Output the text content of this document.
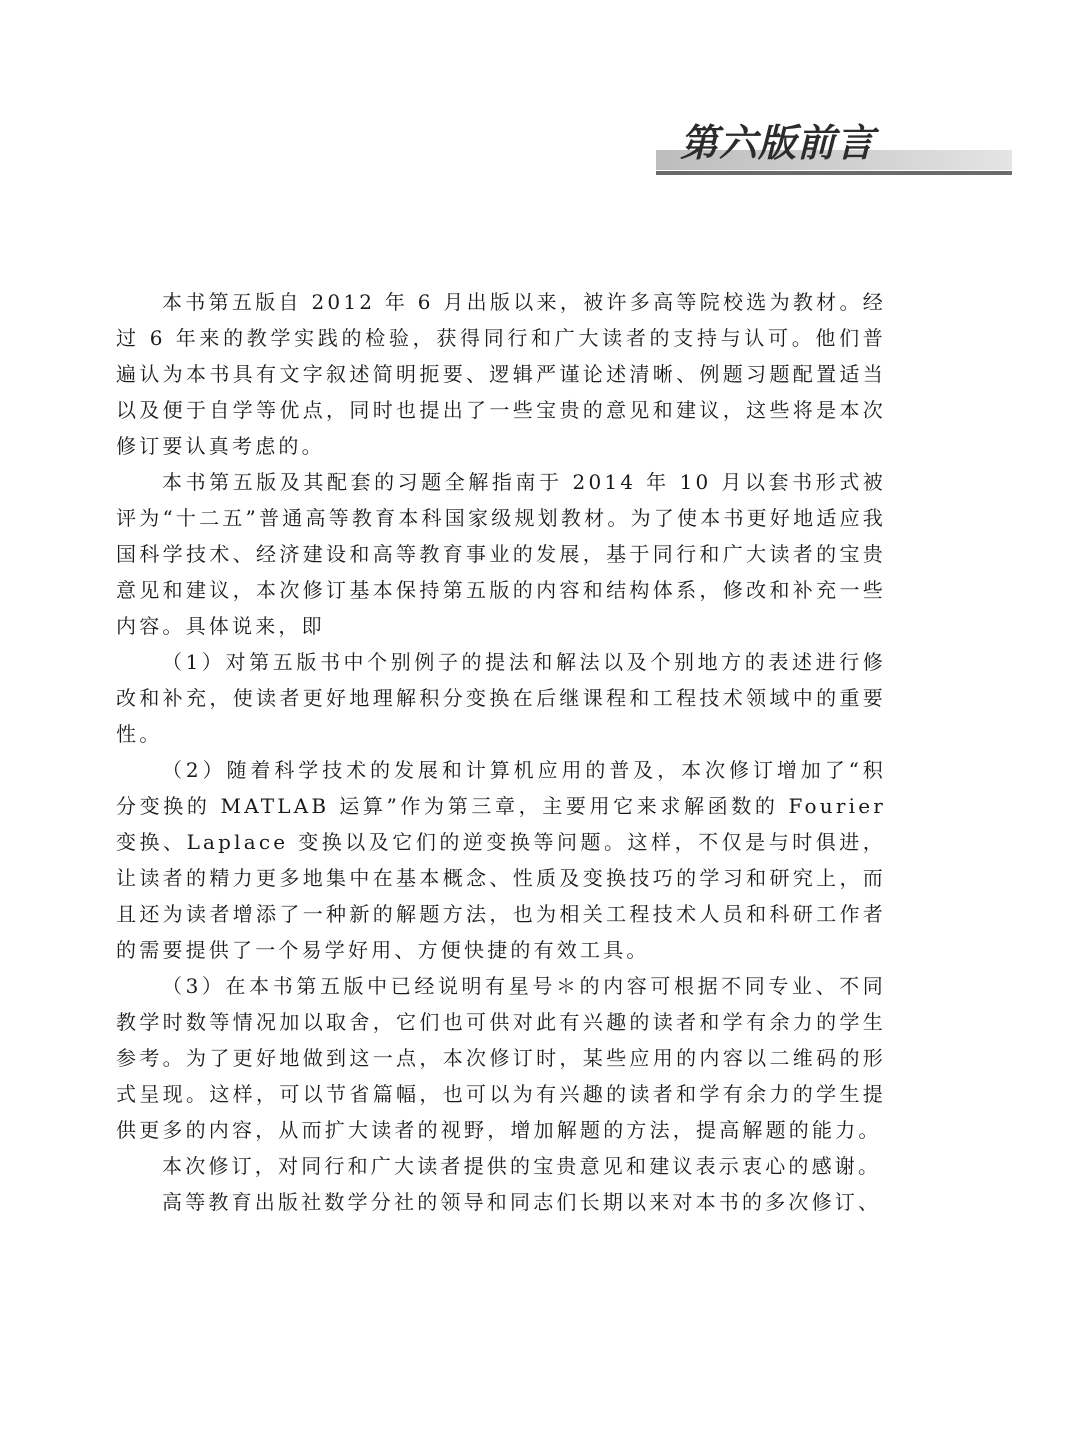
第六版前言

本书第五版自 2012 年 6 月出版以来，被许多高等院校选为教材。经过 6 年来的教学实践的检验，获得同行和广大读者的支持与认可。他们普遍认为本书具有文字叙述简明扼要、逻辑严谨论述清晰、例题习题配置适当以及便于自学等优点，同时也提出了一些宝贵的意见和建议，这些将是本次修订要认真考虑的。

本书第五版及其配套的习题全解指南于 2014 年 10 月以套书形式被评为“十二五”普通高等教育本科国家级规划教材。为了使本书更好地适应我国科学技术、经济建设和高等教育事业的发展，基于同行和广大读者的宝贵意见和建议，本次修订基本保持第五版的内容和结构体系，修改和补充一些内容。具体说来，即

（1）对第五版书中个别例子的提法和解法以及个别地方的表述进行修改和补充，使读者更好地理解积分变换在后继课程和工程技术领域中的重要性。

（2）随着科学技术的发展和计算机应用的普及，本次修订增加了“积分变换的 MATLAB 运算”作为第三章，主要用它来求解函数的 Fourier 变换、Laplace 变换以及它们的逆变换等问题。这样，不仅是与时俱进，让读者的精力更多地集中在基本概念、性质及变换技巧的学习和研究上，而且还为读者增添了一种新的解题方法，也为相关工程技术人员和科研工作者的需要提供了一个易学好用、方便快捷的有效工具。

（3）在本书第五版中已经说明有星号＊的内容可根据不同专业、不同教学时数等情况加以取舍，它们也可供对此有兴趣的读者和学有余力的学生参考。为了更好地做到这一点，本次修订时，某些应用的内容以二维码的形式呈现。这样，可以节省篇幅，也可以为有兴趣的读者和学有余力的学生提供更多的内容，从而扩大读者的视野，增加解题的方法，提高解题的能力。

本次修订，对同行和广大读者提供的宝贵意见和建议表示衷心的感谢。

高等教育出版社数学分社的领导和同志们长期以来对本书的多次修订、
